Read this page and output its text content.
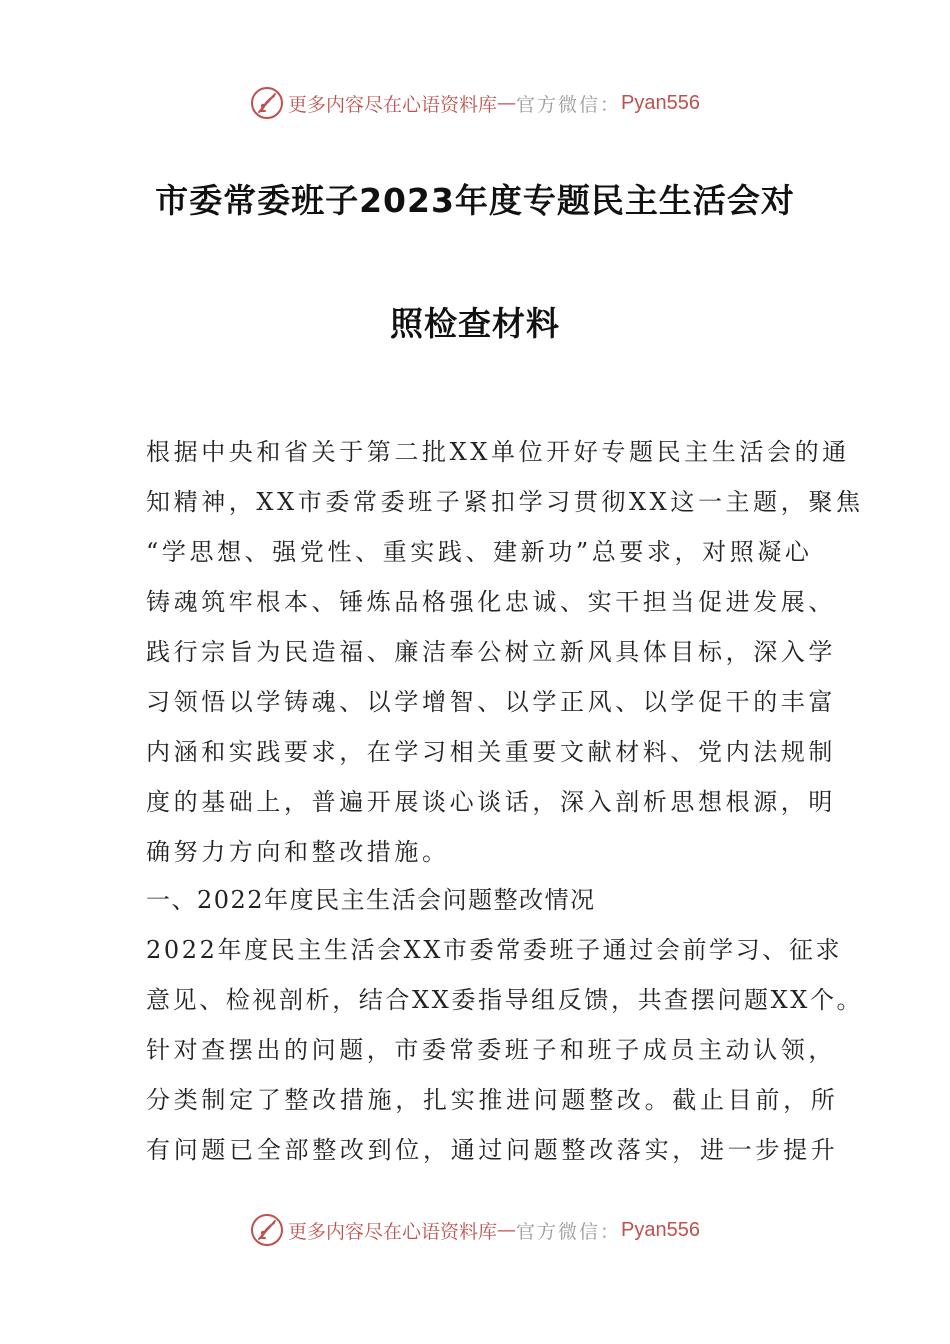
更多内容尽在心语资料库 — 官方微信： Pyan556
市委常委班子2023年度专题民主生活会对
照检查材料
根据中央和省关于第二批XX单位开好专题民主生活会的通
知精神，XX市委常委班子紧扣学习贯彻XX这一主题，聚焦
“学思想、强党性、重实践、建新功”总要求，对照凝心
铸魂筑牢根本、锤炼品格强化忠诚、实干担当促进发展、
践行宗旨为民造福、廉洁奉公树立新风具体目标，深入学
习领悟以学铸魂、以学增智、以学正风、以学促干的丰富
内涵和实践要求，在学习相关重要文献材料、党内法规制
度的基础上，普遍开展谈心谈话，深入剖析思想根源，明
确努力方向和整改措施。
一、2022年度民主生活会问题整改情况
2022年度民主生活会XX市委常委班子通过会前学习、征求
意见、检视剖析，结合XX委指导组反馈，共查摆问题XX个。
针对查摆出的问题，市委常委班子和班子成员主动认领，
分类制定了整改措施，扎实推进问题整改。截止目前，所
有问题已全部整改到位，通过问题整改落实，进一步提升
更多内容尽在心语资料库 — 官方微信： Pyan556
